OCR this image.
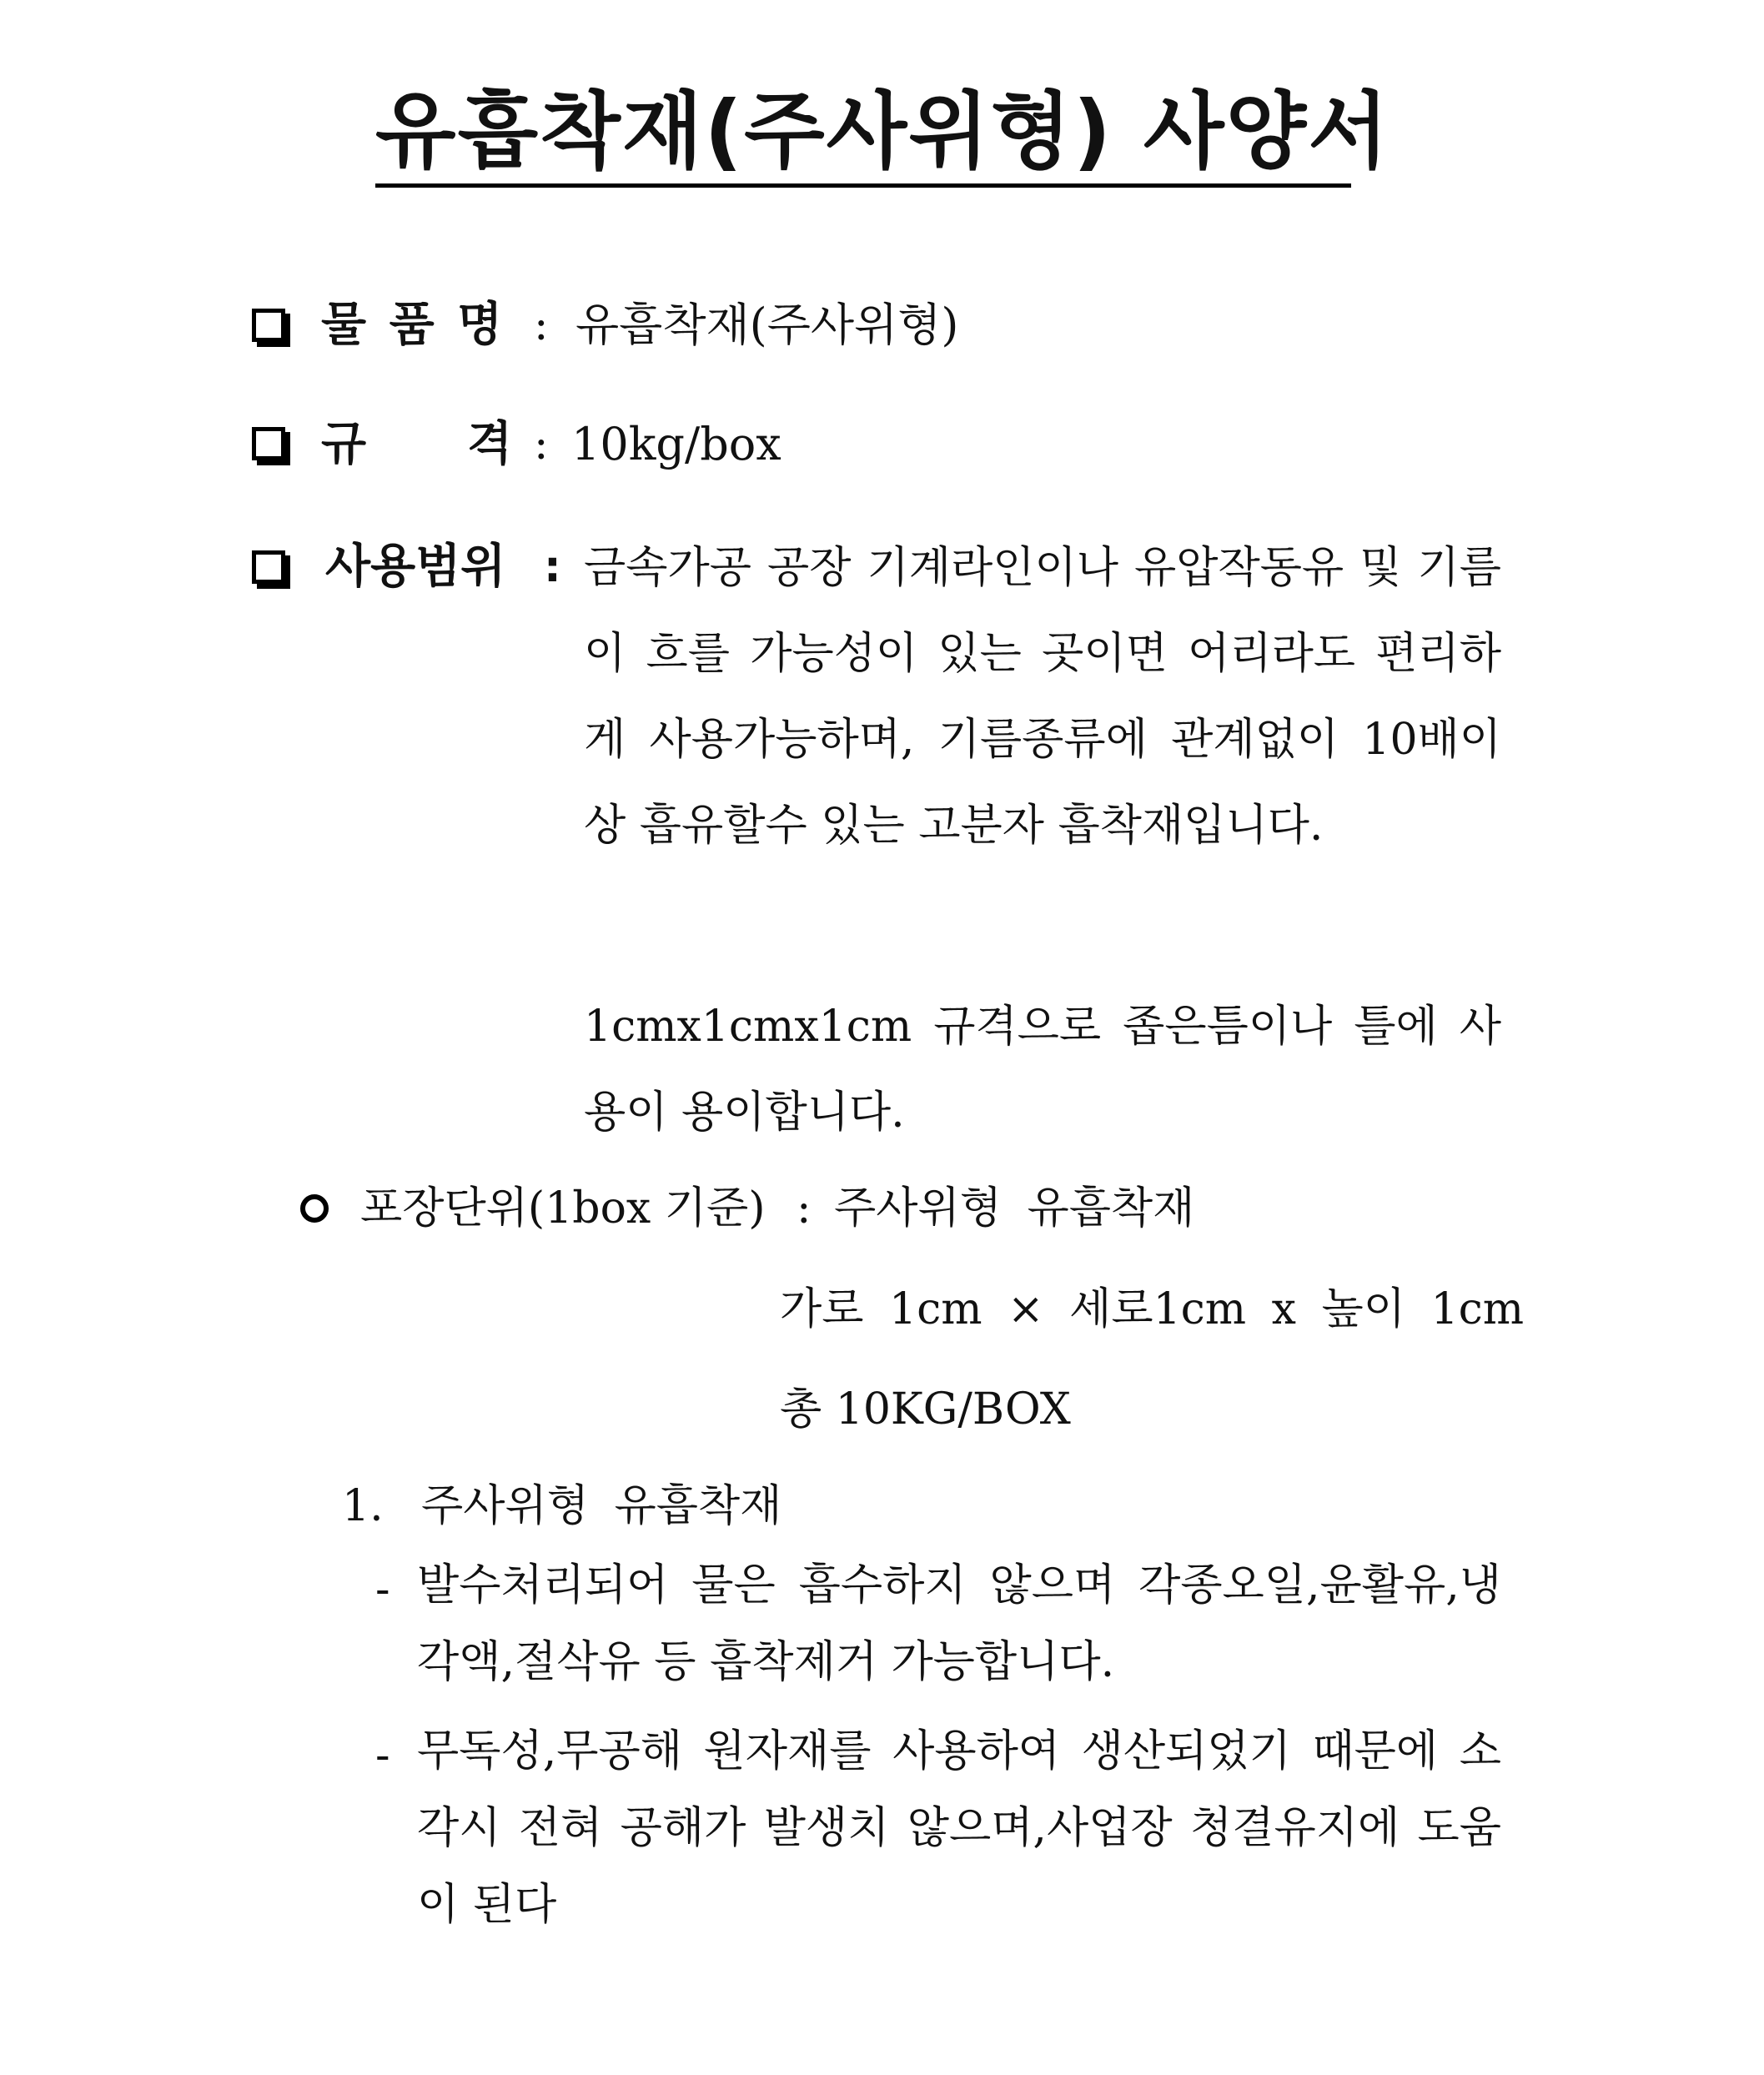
유흡착재(주사위형) 사양서
물 품 명 : 유흡착재(주사위형)
규 격 : 10kg/box
사용범위 : 금속가공 공장 기계라인이나 유압작동유 및 기름이 흐를 가능성이 있는 곳이면 어리라도 편리하게 사용가능하며, 기름종류에 관계없이 10배이상 흡유할수 있는 고분자 흡착재입니다.
1cmx1cmx1cm 규격으로 좁은틈이나 틀에 사용이 용이합니다.
포장단위(1box 기준) : 주사위형 유흡착재
가로 1cm × 세로1cm x 높이 1cm
총 10KG/BOX
1. 주사위형 유흡착재
- 발수처리되어 물은 흡수하지 않으며 각종오일,윤활유,냉각액,절삭유 등 흡착제거 가능합니다.
- 무독성,무공해 원자재를 사용하여 생산되었기 때문에 소각시 전혀 공해가 발생치 않으며,사업장 청결유지에 도움이 된다
